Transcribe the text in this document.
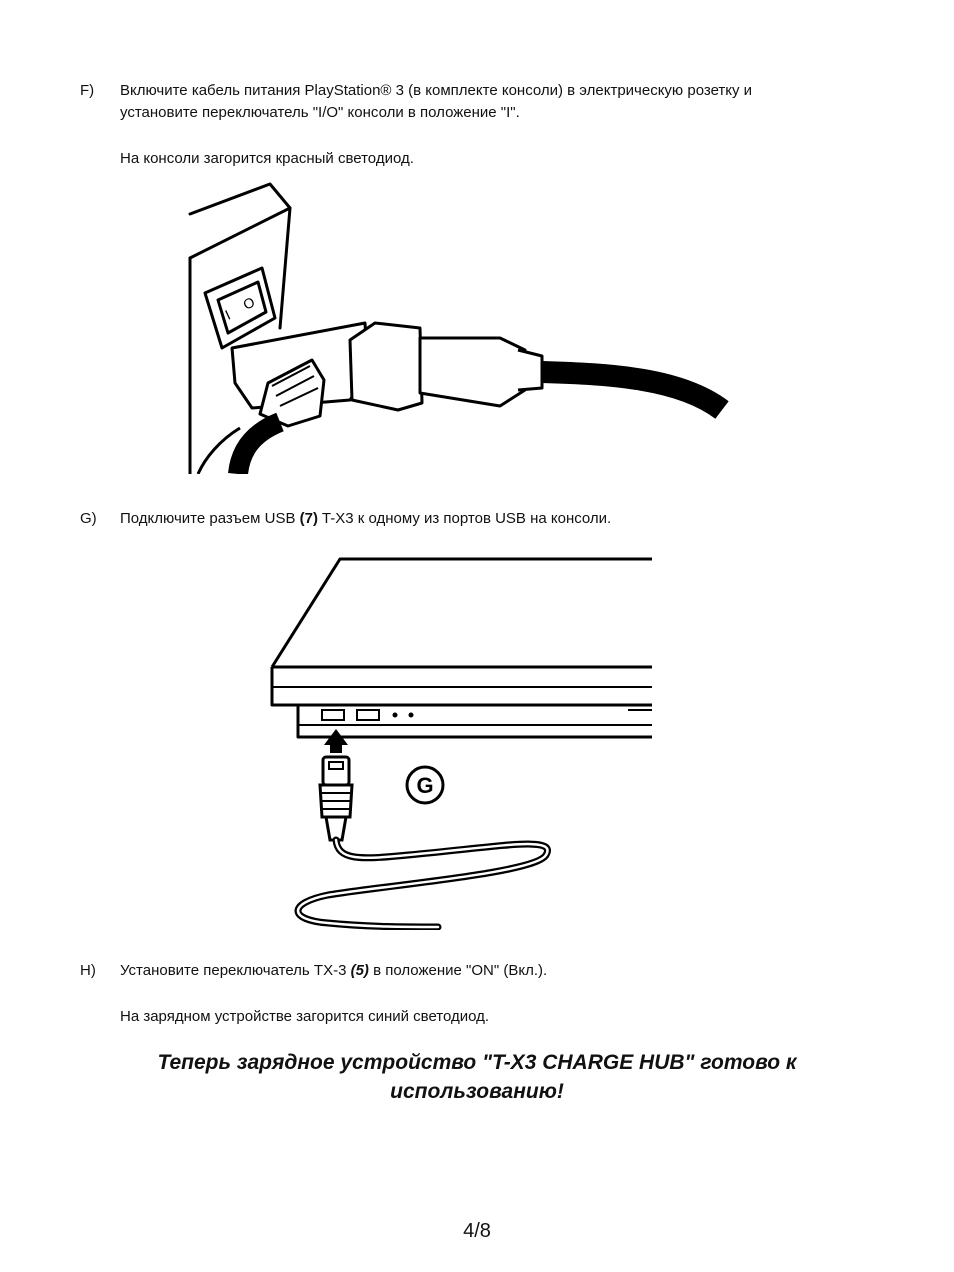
F) Включите кабель питания PlayStation® 3 (в комплекте консоли) в электрическую розетку и установите переключатель "I/O" консоли в положение "I".
На консоли загорится красный светодиод.
I
O
G) Подключите разъем USB (7) T-X3 к одному из портов USB на консоли.
G
H) Установите переключатель TX-3 (5) в положение "ON" (Вкл.).
На зарядном устройстве загорится синий светодиод.
Теперь зарядное устройство "T-X3 CHARGE HUB" готово к использованию!
4/8
